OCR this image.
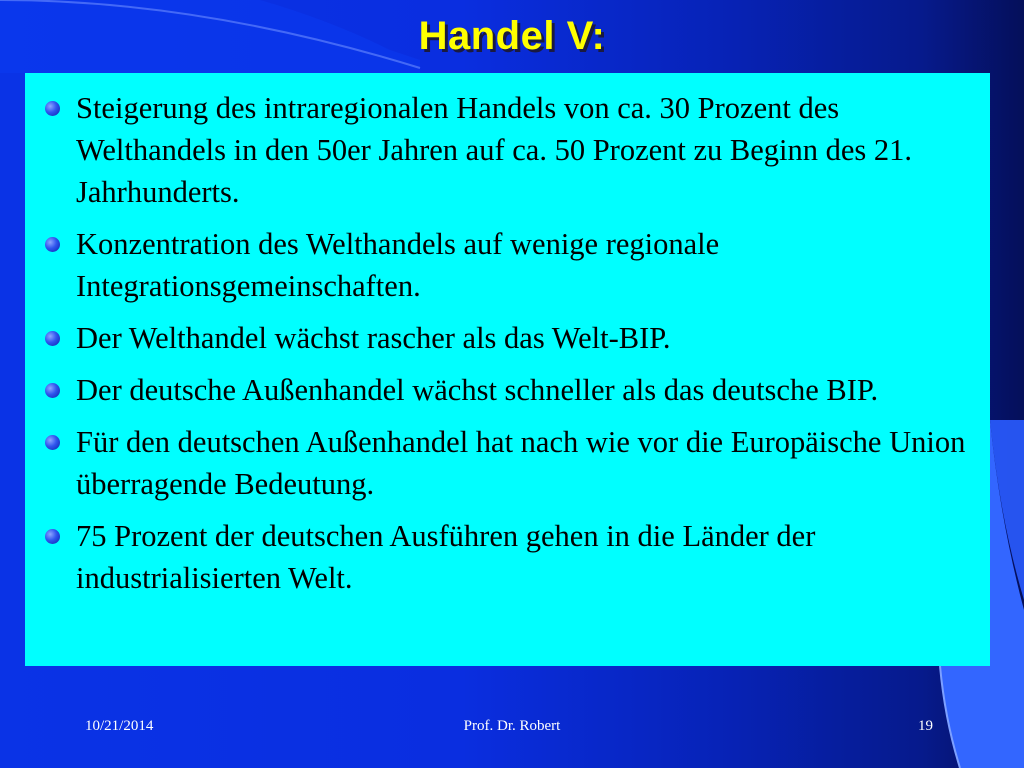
Handel V:
Steigerung des intraregionalen Handels von ca. 30 Prozent des Welthandels in den 50er Jahren auf ca. 50 Prozent zu Beginn des 21. Jahrhunderts.
Konzentration des Welthandels auf wenige regionale Integrationsgemeinschaften.
Der Welthandel wächst rascher als das Welt-BIP.
Der deutsche Außenhandel wächst schneller als das deutsche BIP.
Für den deutschen Außenhandel hat nach wie vor die Europäische Union überragende Bedeutung.
75 Prozent der deutschen Ausführen gehen in die Länder der industrialisierten Welt.
10/21/2014	Prof. Dr. Robert	19
